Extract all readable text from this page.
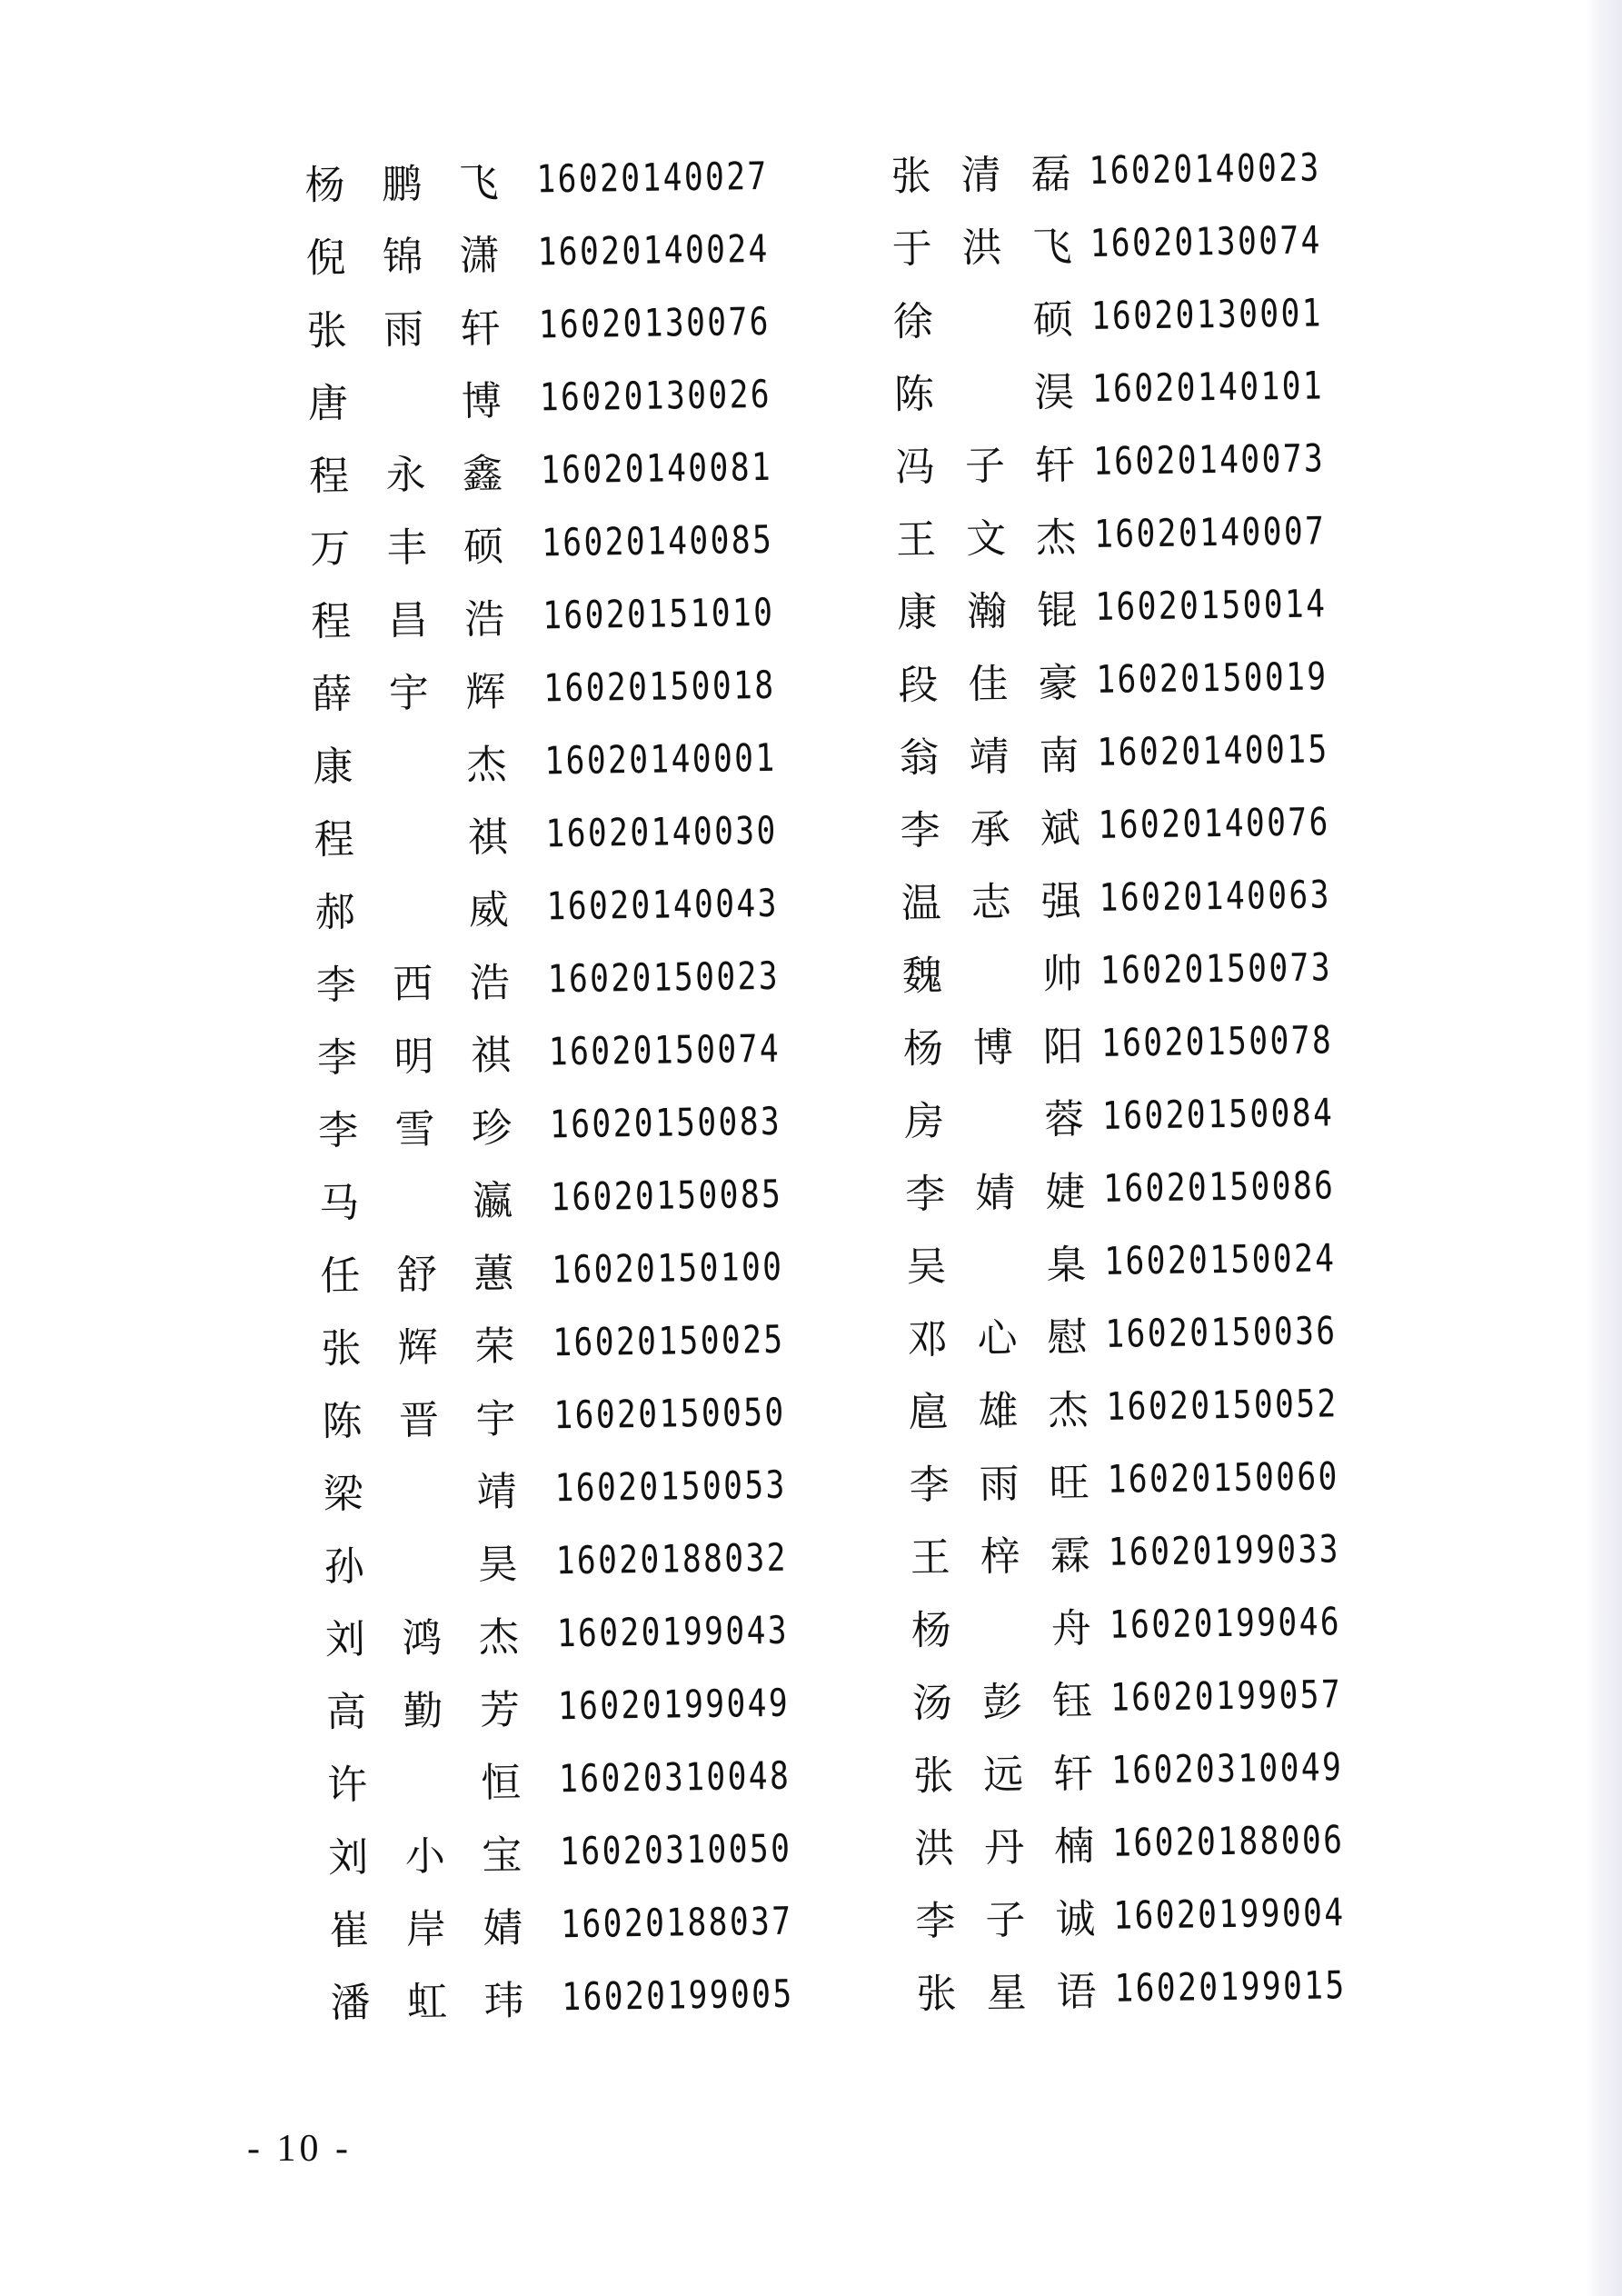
杨鹏飞 16020140027
倪锦潇 16020140024
张雨轩 16020130076
唐 博 16020130026
程永鑫 16020140081
万丰硕 16020140085
程昌浩 16020151010
薛宇辉 16020150018
康 杰 16020140001
程 祺 16020140030
郝 威 16020140043
李西浩 16020150023
李明祺 16020150074
李雪珍 16020150083
马 瀛 16020150085
任舒蕙 16020150100
张辉荣 16020150025
陈晋宇 16020150050
梁 靖 16020150053
孙 昊 16020188032
刘鸿杰 16020199043
高勤芳 16020199049
许 恒 16020310048
刘小宝 16020310050
崔岸婧 16020188037
潘虹玮 16020199005
张清磊 16020140023
于洪飞 16020130074
徐 硕 16020130001
陈 淏 16020140101
冯子轩 16020140073
王文杰 16020140007
康瀚锟 16020150014
段佳豪 16020150019
翁靖南 16020140015
李承斌 16020140076
温志强 16020140063
魏 帅 16020150073
杨博阳 16020150078
房 蓉 16020150084
李婧婕 16020150086
吴 臬 16020150024
邓心慰 16020150036
扈雄杰 16020150052
李雨旺 16020150060
王梓霖 16020199033
杨 舟 16020199046
汤彭钰 16020199057
张远轩 16020310049
洪丹楠 16020188006
李子诚 16020199004
张星语 16020199015
- 10 -
